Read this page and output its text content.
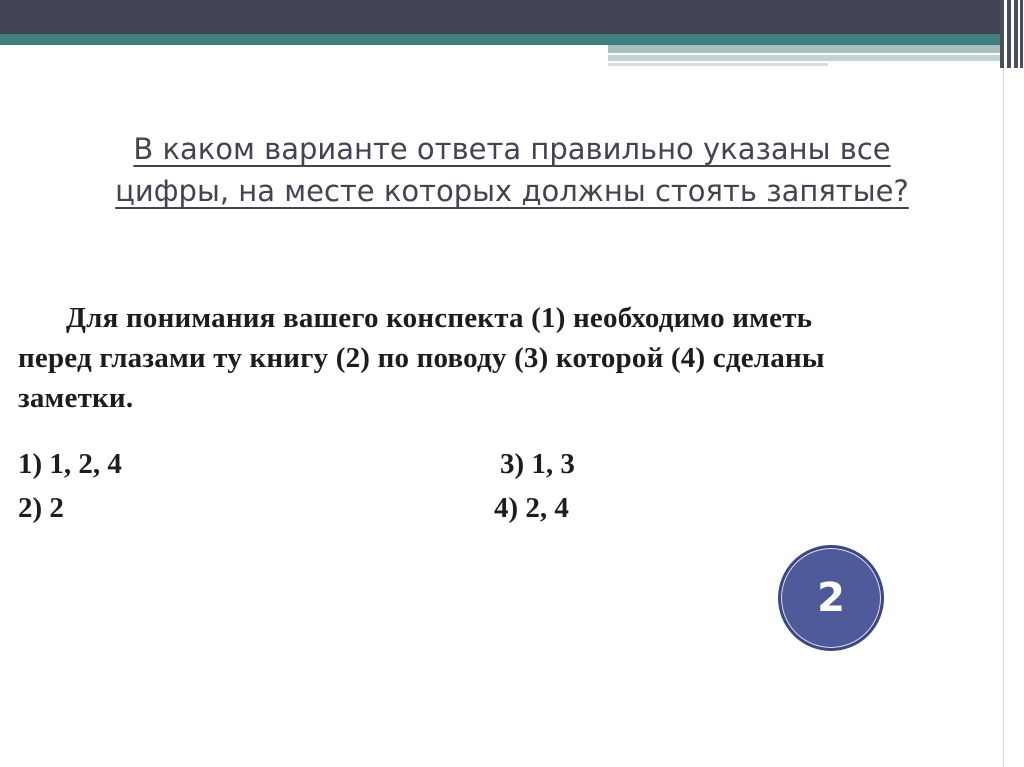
В каком варианте ответа правильно указаны все
цифры, на месте которых должны стоять запятые?
Для понимания вашего конспекта (1) необходимо иметь
перед глазами ту книгу (2) по поводу (3) которой (4) сделаны
заметки.
1) 1, 2, 4
2) 2
3) 1, 3
4) 2, 4
2
